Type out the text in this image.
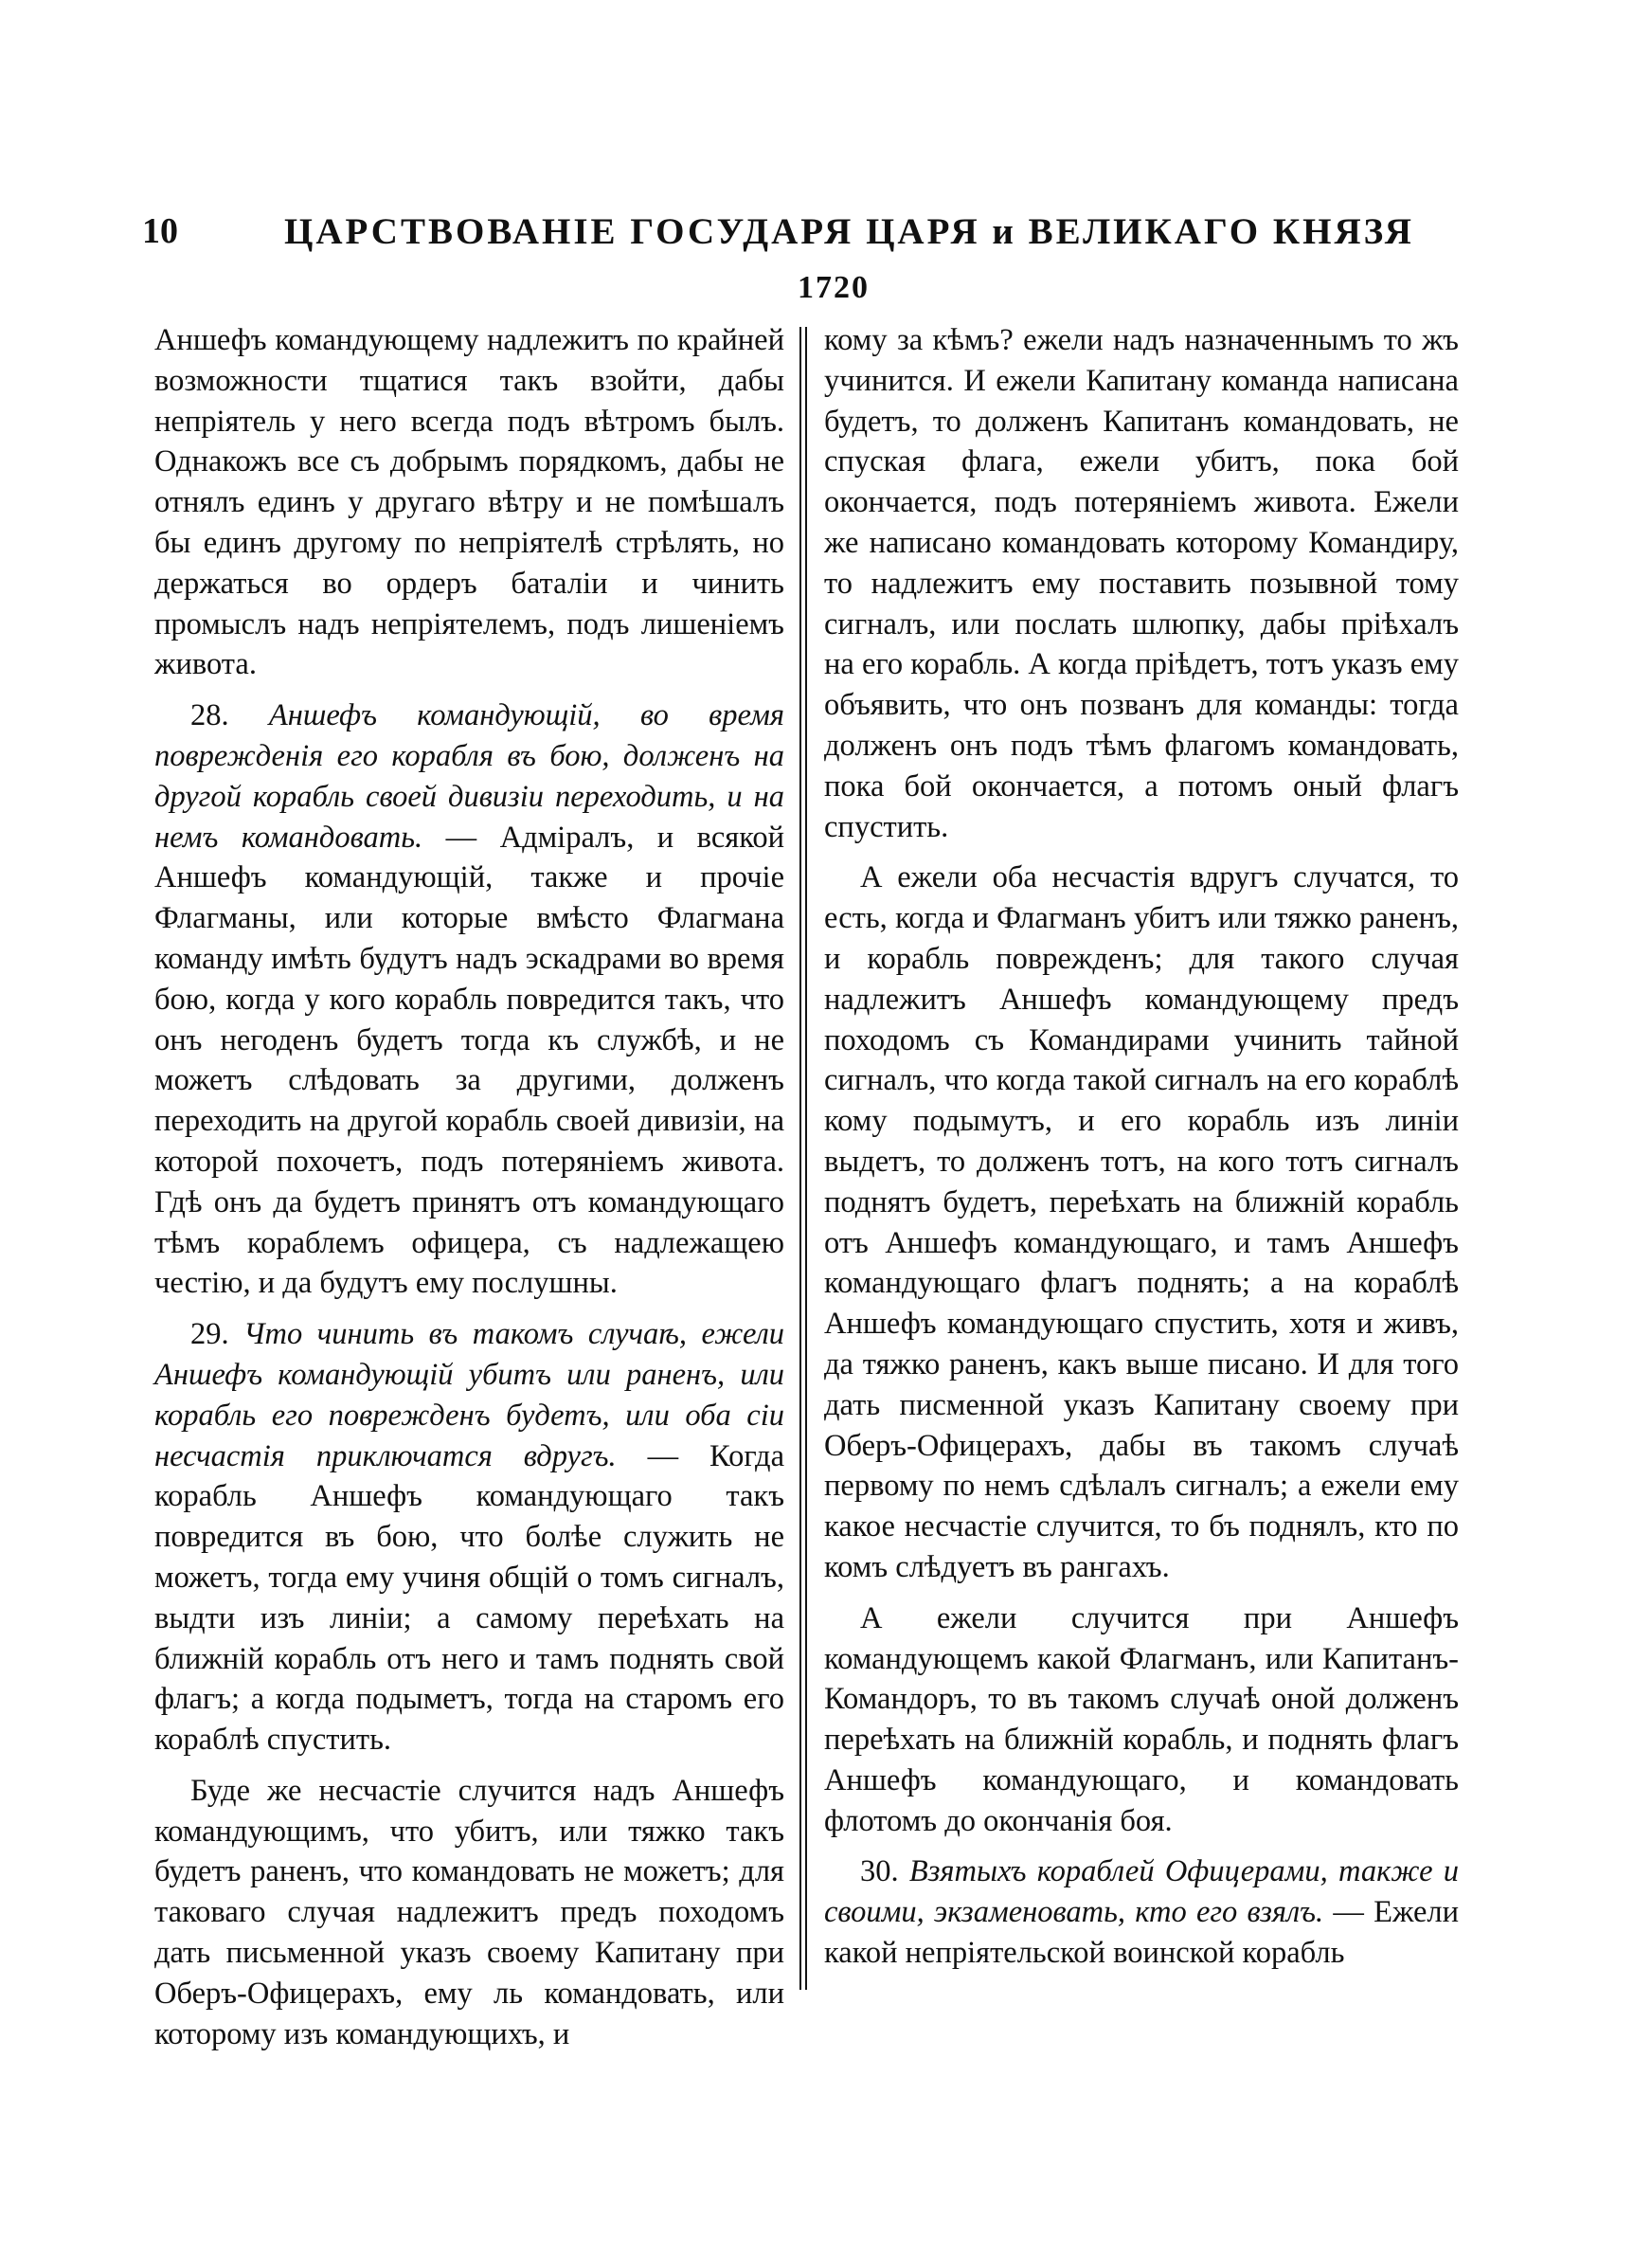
10	ЦАРСТВОВАНІЕ ГОСУДАРЯ ЦАРЯ и ВЕЛИКАГО КНЯЗЯ
1720

Аншефъ командующему надлежитъ по крайней возможности тщатися такъ взойти, дабы непріятель у него всегда подъ вѣтромъ былъ. Однакожъ все съ добрымъ порядкомъ, дабы не отнялъ единъ у другаго вѣтру и не помѣшалъ бы единъ другому по непріятелѣ стрѣлять, но держаться во ордеръ баталіи и чинить промыслъ надъ непріятелемъ, подъ лишеніемъ живота.

28. Аншефъ командующій, во время поврежденія его корабля въ бою, долженъ на другой корабль своей дивизіи переходить, и на немъ командовать. — Адміралъ, и всякой Аншефъ командующій, также и прочіе Флагманы, или которые вмѣсто Флагмана команду имѣть будутъ надъ эскадрами во время бою, когда у кого корабль повредится такъ, что онъ негоденъ будетъ тогда къ службѣ, и не можетъ слѣдовать за другими, долженъ переходить на другой корабль своей дивизіи, на которой похочетъ, подъ потеряніемъ живота. Гдѣ онъ да будетъ принятъ отъ командующаго тѣмъ кораблемъ офицера, съ надлежащею честію, и да будутъ ему послушны.

29. Что чинить въ такомъ случаѣ, ежели Аншефъ командующій убитъ или раненъ, или корабль его поврежденъ будетъ, или оба сіи несчастія приключатся вдругъ. — Когда корабль Аншефъ командующаго такъ повредится въ бою, что болѣе служить не можетъ, тогда ему учиня общій о томъ сигналъ, выдти изъ линіи; а самому переѣхать на ближній корабль отъ него и тамъ поднять свой флагъ; а когда подыметъ, тогда на старомъ его кораблѣ спустить.

Буде же несчастіе случится надъ Аншефъ командующимъ, что убитъ, или тяжко такъ будетъ раненъ, что командовать не можетъ; для таковаго случая надлежитъ предъ походомъ дать письменной указъ своему Капитану при Оберъ-Офицерахъ, ему ль командовать, или которому изъ командующихъ, и

кому за кѣмъ? ежели надъ назначеннымъ то жъ учинится. И ежели Капитану команда написана будетъ, то долженъ Капитанъ командовать, не спуская флага, ежели убитъ, пока бой окончается, подъ потеряніемъ живота. Ежели же написано командовать которому Командиру, то надлежитъ ему поставить позывной тому сигналъ, или послать шлюпку, дабы пріѣхалъ на его корабль. А когда пріѣдетъ, тотъ указъ ему объявить, что онъ позванъ для команды: тогда долженъ онъ подъ тѣмъ флагомъ командовать, пока бой окончается, а потомъ оный флагъ спустить.

А ежели оба несчастія вдругъ случатся, то есть, когда и Флагманъ убитъ или тяжко раненъ, и корабль поврежденъ; для такого случая надлежитъ Аншефъ командующему предъ походомъ съ Командирами учинить тайной сигналъ, что когда такой сигналъ на его кораблѣ кому подымутъ, и его корабль изъ линіи выдетъ, то долженъ тотъ, на кого тотъ сигналъ поднятъ будетъ, переѣхать на ближній корабль отъ Аншефъ командующаго, и тамъ Аншефъ командующаго флагъ поднять; а на кораблѣ Аншефъ командующаго спустить, хотя и живъ, да тяжко раненъ, какъ выше писано. И для того дать писменной указъ Капитану своему при Оберъ-Офицерахъ, дабы въ такомъ случаѣ первому по немъ сдѣлалъ сигналъ; а ежели ему какое несчастіе случится, то бъ поднялъ, кто по комъ слѣдуетъ въ рангахъ.

А ежели случится при Аншефъ командующемъ какой Флагманъ, или Капитанъ-Командоръ, то въ такомъ случаѣ оной долженъ переѣхать на ближній корабль, и поднять флагъ Аншефъ командующаго, и командовать флотомъ до окончанія боя.

30. Взятыхъ кораблей Офицерами, также и своими, экзаменовать, кто его взялъ. — Ежели какой непріятельской воинской корабль
